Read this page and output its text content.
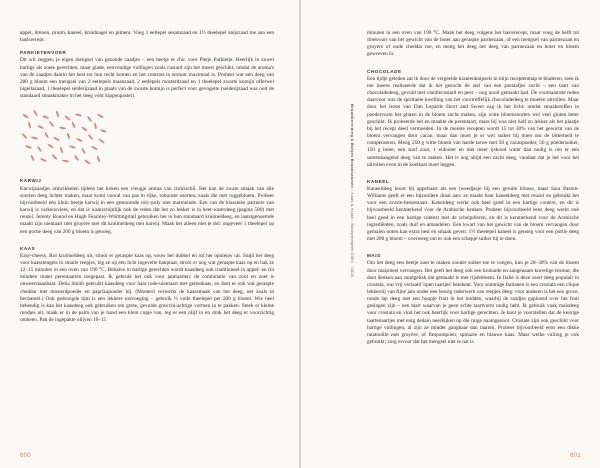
appel, limoen, pruim, kaneel, kruidnagel en piment. Voeg 1 eetlepel sesamzaad en 1½ theelepel anijszaad toe aan een basisrecept.

PARKIETENVOER

Dit wil zeggen, je eigen mengsel van gezonde zaadjes – een beetje te chic voor Pietje Parkietje. Heerlijk in zowel hartige als zoete gerechten, maar glade, eenvoudige vullingen zoals custard zijn het meest geschikt, omdat de aroma's van de zaadjes daarin het best tot hun recht komen en het contrast in textuur maximaal is. Probeer wat een deeg van 200 g bloem een mengsel van 2 eetlepels maanzaad, 2 eetlepels mosterdzaad en 1 theelepel zwarte komijn offerwel nigellazaad, 1 theelepel selderijzaad in plaats van de zwarte komijn is perfect voor gevogelte (selderijzaad was ooit de standaard smaakmaker in het deeg voor kippenpastei).

KARWIJ

Karwijzaadjes ontwikkelen tijdens het koken een vleugje aroma van citrusschil. Het kan de zware smaak van alle soorten deeg lichter maken, maar komt vooral van pas in rijke, robuuste soorten, zoals die met roggebloem. Probeer bijvoorbeeld een klein beetje karwij in een gestoomde roly-poly met marmelade. Een van de klassieke partners van karwij is varkensvlees, en dat is waarschijnlijk ook de reden dat het zo lekker is in heet-waterdeeg (pagina 580) met reuzel. Jeremy Round en Hugh Fearnley-Whittingstall gebruiken het in hun standaard kruimeldeeg, en laatstgenoemde maakt zijn uientaart met gruyère met dit kruimeldeeg met karwij. Maak het alleen niet te dol: ongeveer 1 theelepel op een portie deeg van 200 g bloem is genoeg.

KAAS

Easy-cheesy. Rol kruimeldeeg uit, strooi er geraspte kaas op, vouw het dubbel en rol het opnieuw uit. Snijd het deeg voor kaasstengels in smalle reepjes, leg ze op een licht ingevette bakplaat, strooi er nog wat geraspte kaas op en bak ze 12–15 minuten in een oven van 190 °C. Behalve in hartige gerechten wordt kaasdeeg ook traditioneel in appel- en (in mindere mate) perentaarten toegepast. Ik gebruik het ook voor jamtaarten: de combinatie van zout en zoet is onweerstaanbaar. Delia Smith gebruikt kaasdeeg voor haar rode-uientaart met geitenkaas, en doet er ook wat geraspte cheddar met mosterdpoeder en paprikapoeder bij. (Mosterd verwerkt de kaassmaak van het deeg, net zoals in bechamel.) Ook gedroogde tijm is een lekkere toevoeging – gebruik ½ volle theelepel per 200 g bloem. Wie heel behendig is kan het kaasdeeg ook gebruiken om grote, gevulde gnocchi-achtige vormen in te pakken. Steek er kleine rondjes uit, maak er in de palm van je hand een klein cupje van, leg er een olijf in en druk het deeg er voorzichtig omheen. Pak de ingepakte olijven 10–15

600
Broodbereiding & Bakjes Broodsoorten • Kaas & Kruid • Basisrecepten 0304 · 0320

minuten in een oven van 190 °C. Maak het deeg volgens het basisrecept, maar voeg de helft tot driekwart van het gewicht van de boter aan geraspte parmezaan, of een mengsel van parmezaan en gruyère of oude cheddar toe, en meng het deeg het deeg van parmezaan en boter en bloem gewreven in.

CHOCOLADE

Een tijdje geleden zat ik door de vergeelde krantenknipsels in mijn receptenmap te bladeren, toen ik me ineens realiseerde dat ik het gezocht de ziel van een pastaafjes zocht – een taart van chocoladedeeg, gevuld met vanillecustard en peer – nog nooit gemaakt had. De voornaamste reden daarvoor was de spirituele kwelling van het voortreffelijk chocoladedeeg te moeten uitrollen. Maar door het lezen van Dan Lepards Short and Sweet zag ik het licht: omdat smaakstoffen in poedervorm het gluten in de bloem zacht maken, zijn witte bloemsoorten wel veel gluten beter geschikt. Ik probeerde het en maakte de perentaart, maar bij was niet half zo lekker als het plaatje bij het recept deed vermoeden. In de meeste recepten wordt 15 tot 30% van het gewicht van de bloem vervangen door cacao, maar dan moet je er wel suiker bij doen om de bitterheid te compenseren. Meng 250 g witte bloem van harde tarwe met 50 g cacaopoeder, 50 g poedersuiker, 150 g boter, een snuf zout, 1 eidooier en niet meer ijskoud water dan nodig is om er een samenhangend deeg van te maken. Het is nog altijd een zacht deeg, vandaar dat je het voor het uitrollen even in de koelkast moet leggen.

KANEEL

Kaneeldeeg hoort bij appeltaart als een tweedjasje bij een geruite blouse, maar Sara Paston-Williams geeft er een bijzondere draai aan: ze maakt haar kaneeldeeg met reuzel en gebruikt het voor een avarie-bessentaart. Kaneldeeg werkt ook heel goed in een hartige context, en dit is bijvoorbeeld kenmerkend voor de Arabische keuken. Probeer bijvoorbeeld eens deeg werkt ook heel goed in een hartige context met de schelpdieren, en dit is kenmerkend voor de Arabische ingrediënten, zoals duif en amandelen. Een kwart van het gewicht van de bloem vervangen door gemalen noten kan extra best en smaak geven: 1½ theelepel kaneel is genoeg voor een portie deeg met 200 g bloem – overweeg om er ook een schepje suiker bij te doen.

MAIS

Om het deeg een beetje zoet te maken zonder suiker toe te voegen, kun je 20–30% van de bloem door maïsmeel vervangen. Het geeft het deeg ook een krokante en aangenaam korrelige textuur, die doet denken aan zandgebak dat gemaakt is met rijstebloem. In Italië is deze soort deeg populair in crostata, wat vrij vertaald 'open taartjes' betekent. Voor sommige Italianen is een crostata een clique lekkernij van fijne jam onder een heurig raderwerk van reepjes deeg: voor anderen is het een grove, ronde lap deeg met een hoopje fruit in het midden, waarbij de randjes gaploosd over het fruit geslagen zijn – een taart waarvan je geen echte taartvorm nodig hebt. Ik gebruik vaak maïsdeeg voor crostata en vind het ook heerlijk voor hartige gerechten. Je kunt je voorstellen dat de keurige taartenaartjes met enig dedain neerkijken op die ruige naamgenoot. Crostate zijn ook geschikt voor hartige vullingen, al zijn ze minder gangbaar dan taarten. Probeer bijvoorbeeld eens een dikke ratatouille met gruyère, of flespompoen, spinazie en blauwe kaas. Maar welke vulling je ook gebruikt; zorg ervoor dat het mengsel niet te nat is.

601
